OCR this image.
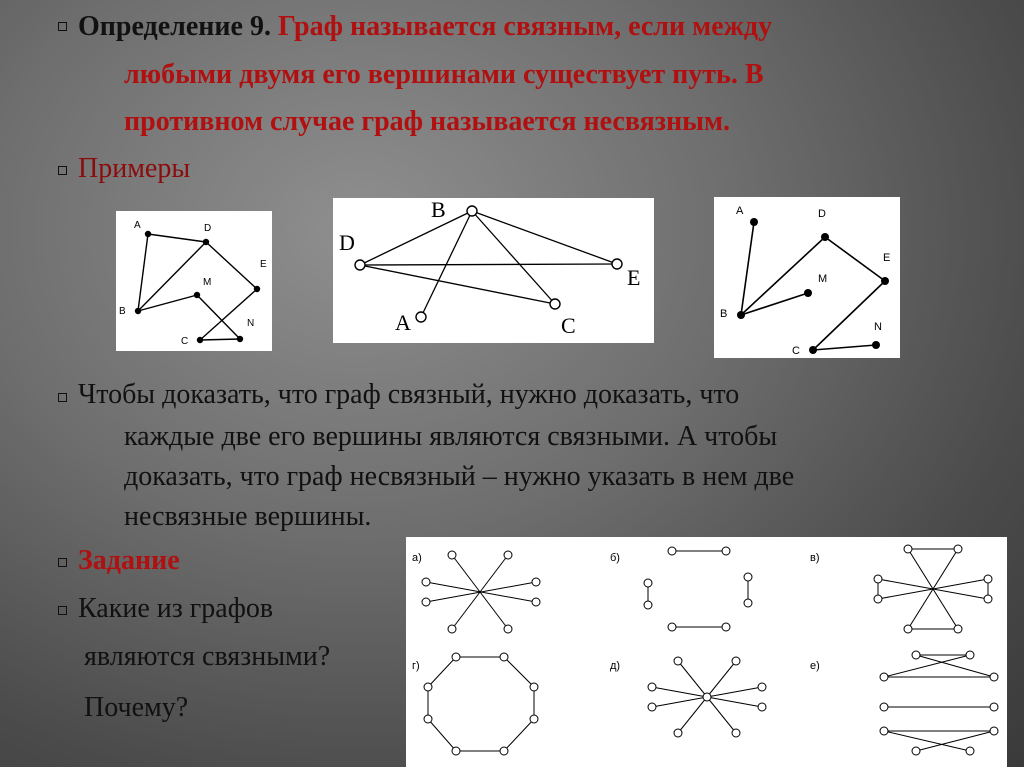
Определение 9. Граф называется связным, если между
любыми двумя его вершинами существует путь. В
противном случае граф называется несвязным.
Примеры
A	D
E
M
B
N
C
B
D
E
A	C
A	D
E
M
B
N
C
Чтобы доказать, что граф связный, нужно доказать, что
каждые две его вершины являются связными. А чтобы
доказать, что граф несвязный – нужно указать в нем две
несвязные вершины.
Задание
Какие из графов
являются связными?
Почему?
а)	б)	в)
г)	д)	е)
